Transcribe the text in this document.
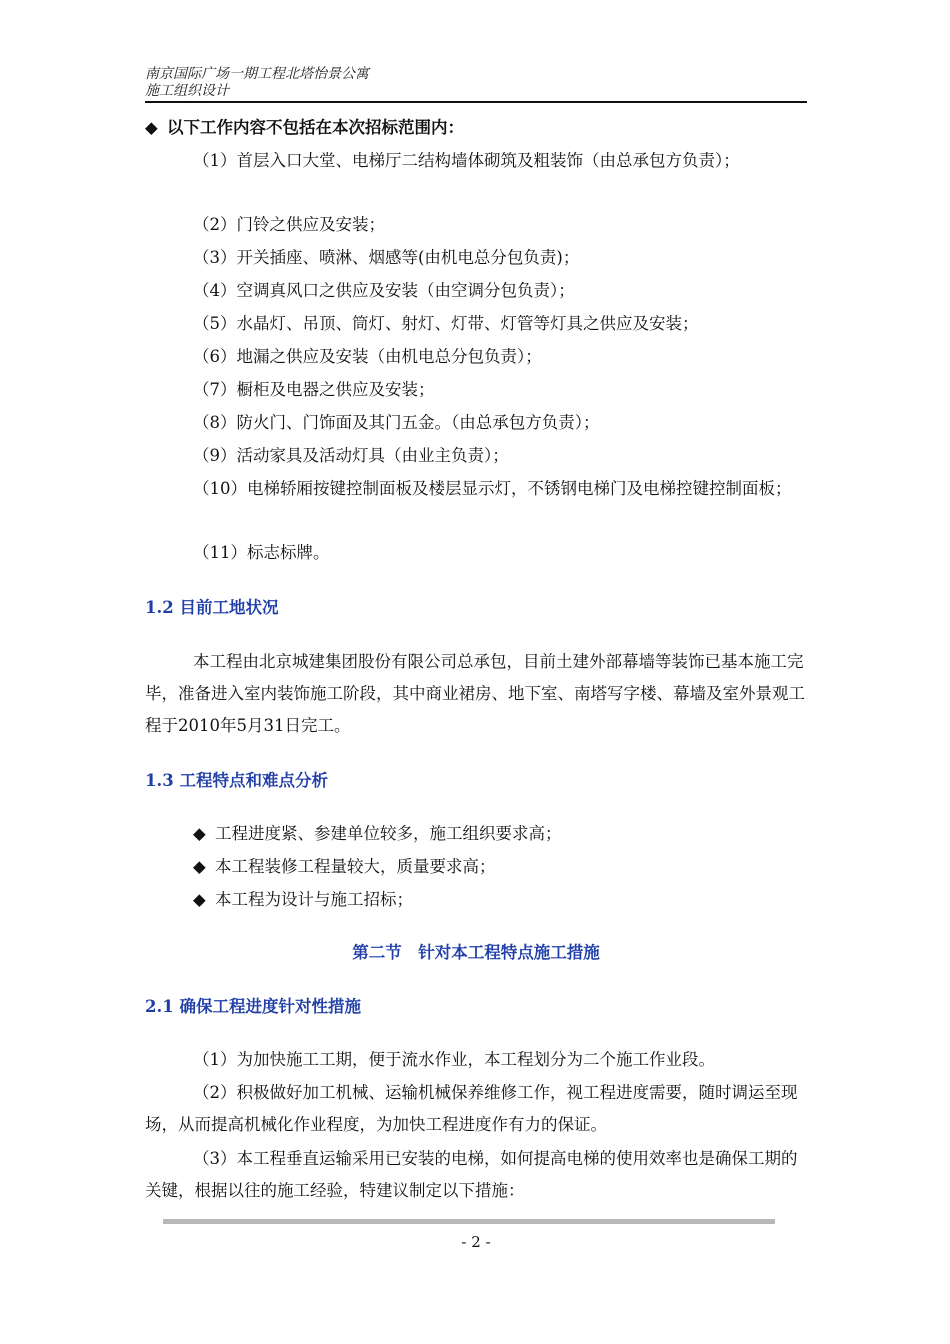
南京国际广场一期工程北塔怡景公寓
施工组织设计
◆ 以下工作内容不包括在本次招标范围内：

（1）首层入口大堂、电梯厅二结构墙体砌筑及粗装饰（由总承包方负责）；

（2）门铃之供应及安装；

（3）开关插座、喷淋、烟感等(由机电总分包负责)；

（4）空调真风口之供应及安装（由空调分包负责）；

（5）水晶灯、吊顶、筒灯、射灯、灯带、灯管等灯具之供应及安装；

（6）地漏之供应及安装（由机电总分包负责）；

（7）橱柜及电器之供应及安装；

（8）防火门、门饰面及其门五金。（由总承包方负责）；

（9）活动家具及活动灯具（由业主负责）；

（10）电梯轿厢按键控制面板及楼层显示灯，不锈钢电梯门及电梯控键控制面板；

（11）标志标牌。

1.2 目前工地状况

本工程由北京城建集团股份有限公司总承包，目前土建外部幕墙等装饰已基本施工完毕，准备进入室内装饰施工阶段，其中商业裙房、地下室、南塔写字楼、幕墙及室外景观工程于2010年5月31日完工。

1.3 工程特点和难点分析
◆ 工程进度紧、参建单位较多，施工组织要求高；
◆ 本工程装修工程量较大，质量要求高；
◆ 本工程为设计与施工招标；
第二节　针对本工程特点施工措施
2.1 确保工程进度针对性措施

（1）为加快施工工期，便于流水作业，本工程划分为二个施工作业段。

（2）积极做好加工机械、运输机械保养维修工作，视工程进度需要，随时调运至现场，从而提高机械化作业程度，为加快工程进度作有力的保证。

（3）本工程垂直运输采用已安装的电梯，如何提高电梯的使用效率也是确保工期的关键，根据以往的施工经验，特建议制定以下措施：

- 2 -
